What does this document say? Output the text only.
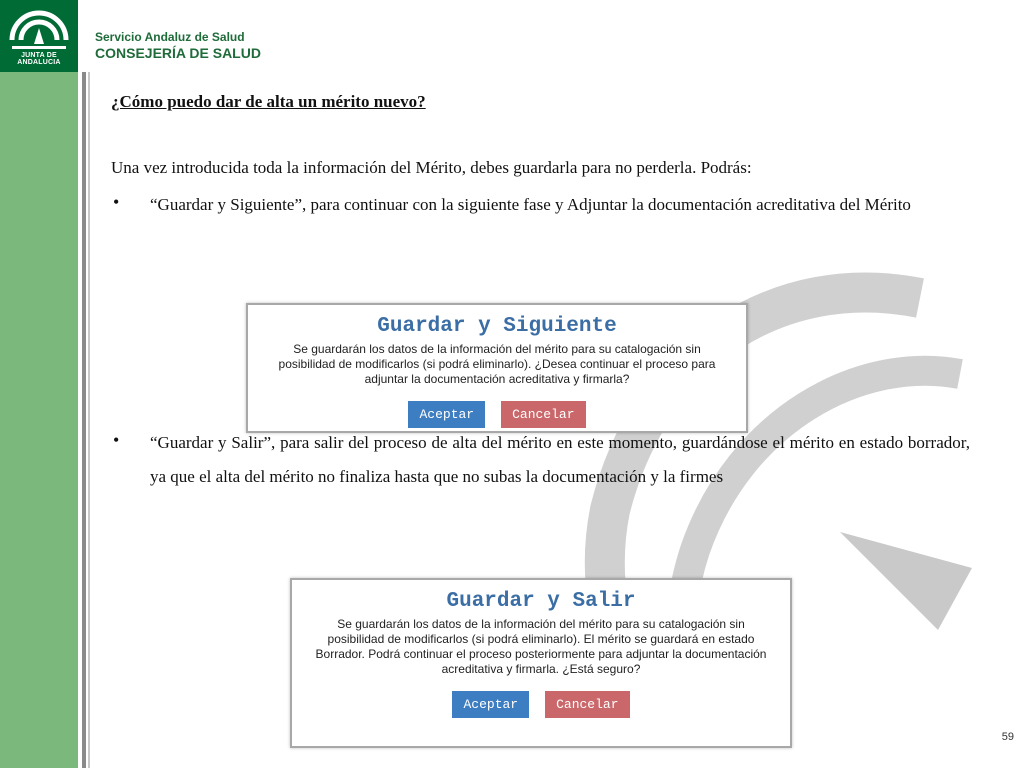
JUNTA DE ANDALUCIA
Servicio Andaluz de Salud
CONSEJERÍA DE SALUD
¿Cómo puedo dar de alta un mérito nuevo?
Una vez introducida toda la información del Mérito, debes guardarla para no perderla. Podrás:
• “Guardar y Siguiente”, para continuar con la siguiente fase y Adjuntar la documentación acreditativa del Mérito
• “Guardar y Salir”, para salir del proceso de alta del mérito en este momento, guardándose el mérito en estado borrador, ya que el alta del mérito no finaliza hasta que no subas la documentación y la firmes
Guardar y Siguiente
Se guardarán los datos de la información del mérito para su catalogación sin posibilidad de modificarlos (si podrá eliminarlo). ¿Desea continuar el proceso para adjuntar la documentación acreditativa y firmarla?
Aceptar	Cancelar
Guardar y Salir
Se guardarán los datos de la información del mérito para su catalogación sin posibilidad de modificarlos (si podrá eliminarlo). El mérito se guardará en estado Borrador. Podrá continuar el proceso posteriormente para adjuntar la documentación acreditativa y firmarla. ¿Está seguro?
Aceptar	Cancelar
59
